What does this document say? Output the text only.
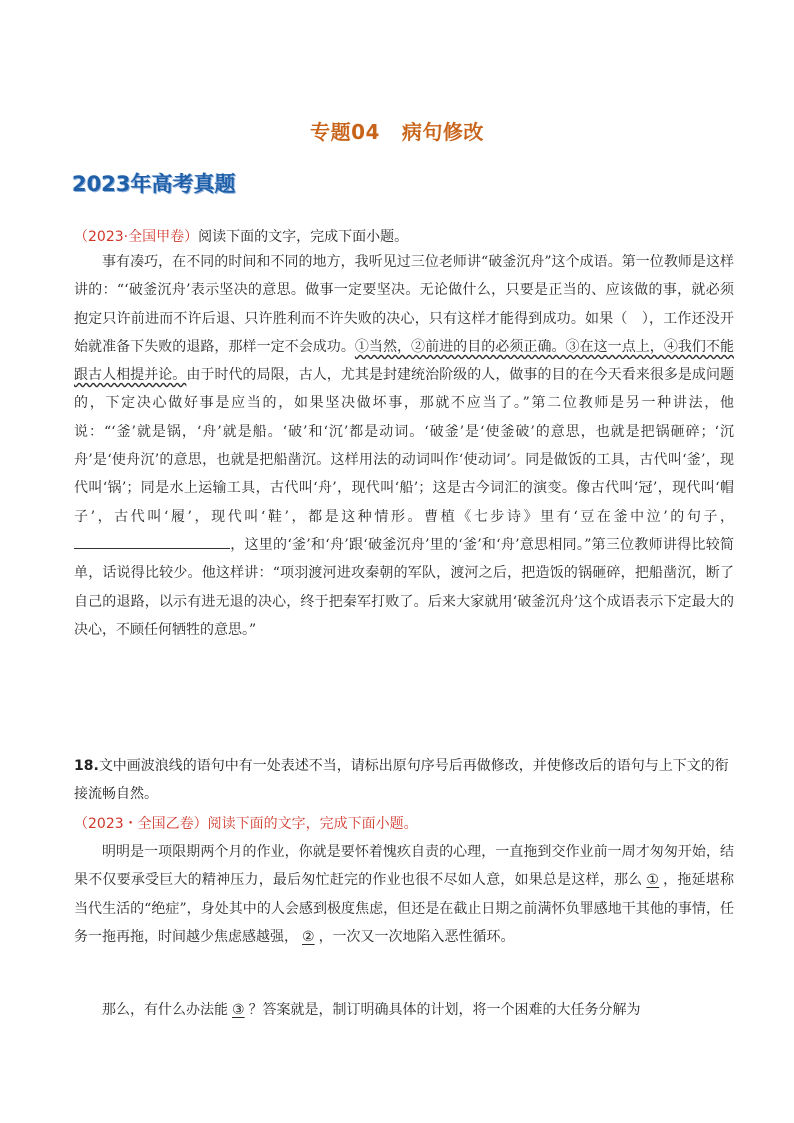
专题04 病句修改
2023年高考真题
（2023·全国甲卷）阅读下面的文字，完成下面小题。
事有凑巧，在不同的时间和不同的地方，我听见过三位老师讲“破釜沉舟”这个成语。第一位教师是这样讲的：“‘破釜沉舟’表示坚决的意思。做事一定要坚决。无论做什么，只要是正当的、应该做的事，就必须抱定只许前进而不许后退、只许胜利而不许失败的决心，只有这样才能得到成功。如果（　），工作还没开始就准备下失败的退路，那样一定不会成功。①当然，②前进的目的必须正确。③在这一点上，④我们不能跟古人相提并论。由于时代的局限，古人，尤其是封建统治阶级的人，做事的目的在今天看来很多是成问题的，下定决心做好事是应当的，如果坚决做坏事，那就不应当了。”第二位教师是另一种讲法，他说：“‘釜’就是锅，‘舟’就是船。‘破’和‘沉’都是动词。‘破釜’是‘使釜破’的意思，也就是把锅砸碎；‘沉舟’是‘使舟沉’的意思，也就是把船凿沉。这样用法的动词叫作‘使动词’。同是做饭的工具，古代叫‘釜’，现代叫‘锅’；同是水上运输工具，古代叫‘舟’，现代叫‘船’；这是古今词汇的演变。像古代叫‘冠’，现代叫‘帽子’，古代叫‘履’，现代叫‘鞋’，都是这种情形。曹植《七步诗》里有‘豆在釜中泣’的句子，，这里的‘釜’和‘舟’跟‘破釜沉舟’里的‘釜’和‘舟’意思相同。”第三位教师讲得比较简单，话说得比较少。他这样讲：“项羽渡河进攻秦朝的军队，渡河之后，把造饭的锅砸碎，把船凿沉，断了自己的退路，以示有进无退的决心，终于把秦军打败了。后来大家就用‘破釜沉舟’这个成语表示下定最大的决心，不顾任何牺牲的意思。”
18.文中画波浪线的语句中有一处表述不当，请标出原句序号后再做修改，并使修改后的语句与上下文的衔接流畅自然。
（2023・全国乙卷）阅读下面的文字，完成下面小题。
明明是一项限期两个月的作业，你就是要怀着愧疚自责的心理，一直拖到交作业前一周才匆匆开始，结果不仅要承受巨大的精神压力，最后匆忙赶完的作业也很不尽如人意，如果总是这样，那么 ① ，拖延堪称当代生活的“绝症”，身处其中的人会感到极度焦虑，但还是在截止日期之前满怀负罪感地干其他的事情，任务一拖再拖，时间越少焦虑感越强， ② ，一次又一次地陷入恶性循环。
那么，有什么办法能 ③ ？答案就是，制订明确具体的计划，将一个困难的大任务分解为
